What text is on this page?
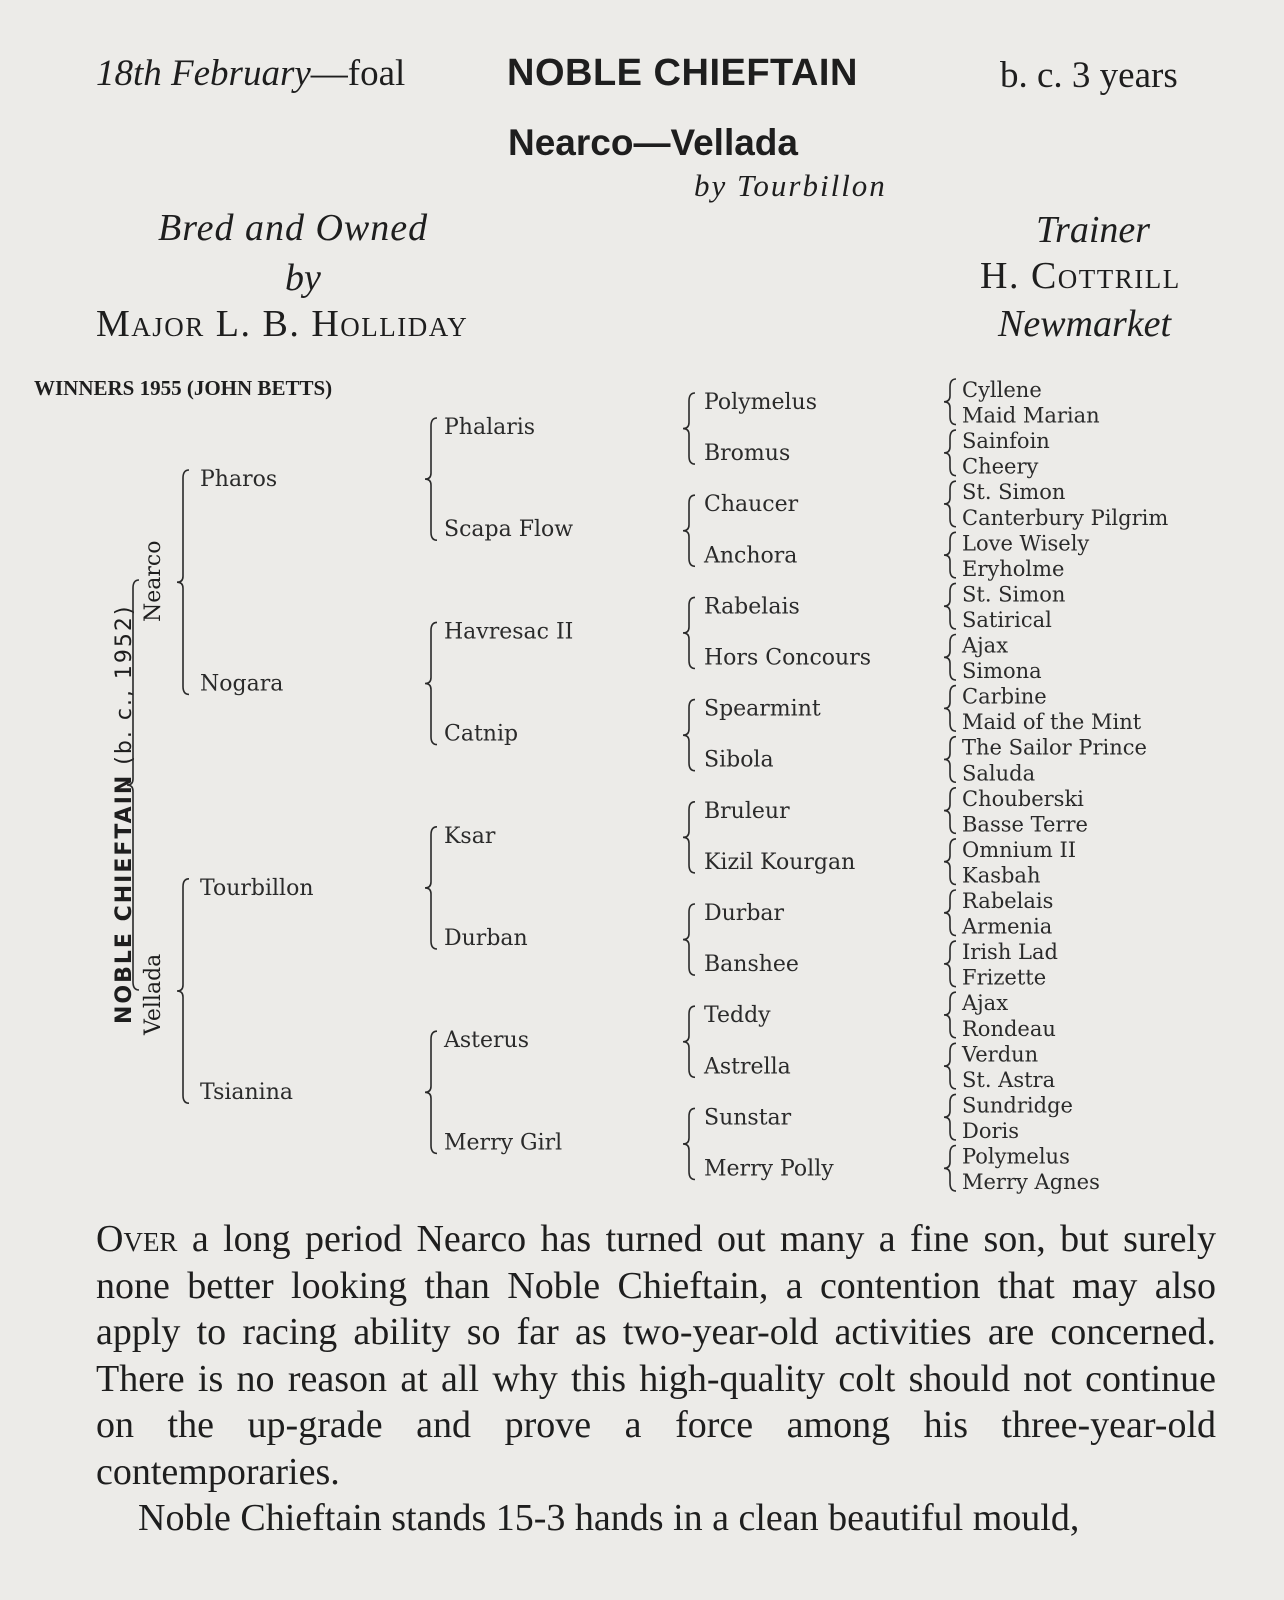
18th February—foal	NOBLE CHIEFTAIN	b. c. 3 years
Nearco—Vellada
by Tourbillon
Bred and Owned
by
Major L. B. Holliday
Trainer
H. Cottrill
Newmarket
WINNERS 1955 (JOHN BETTS)
NOBLE CHIEFTAIN (b. c., 1952)
Nearco
Vellada
Cyllene
Maid Marian
Sainfoin
Cheery
St. Simon
Canterbury Pilgrim
Love Wisely
Eryholme
St. Simon
Satirical
Ajax
Simona
Carbine
Maid of the Mint
The Sailor Prince
Saluda
Chouberski
Basse Terre
Omnium II
Kasbah
Rabelais
Armenia
Irish Lad
Frizette
Ajax
Rondeau
Verdun
St. Astra
Sundridge
Doris
Polymelus
Merry Agnes
Polymelus
Bromus
Chaucer
Anchora
Rabelais
Hors Concours
Spearmint
Sibola
Bruleur
Kizil Kourgan
Durbar
Banshee
Teddy
Astrella
Sunstar
Merry Polly
Phalaris
Scapa Flow
Havresac II
Catnip
Ksar
Durban
Asterus
Merry Girl
Pharos
Nogara
Tourbillon
Tsianina

Over a long period Nearco has turned out many a fine son, but surely none better looking than Noble Chieftain, a contention that may also apply to racing ability so far as two-year-old activities are concerned. There is no reason at all why this high-quality colt should not continue on the up-grade and prove a force among his three-year-old contemporaries.

Noble Chieftain stands 15-3 hands in a clean beautiful mould,
